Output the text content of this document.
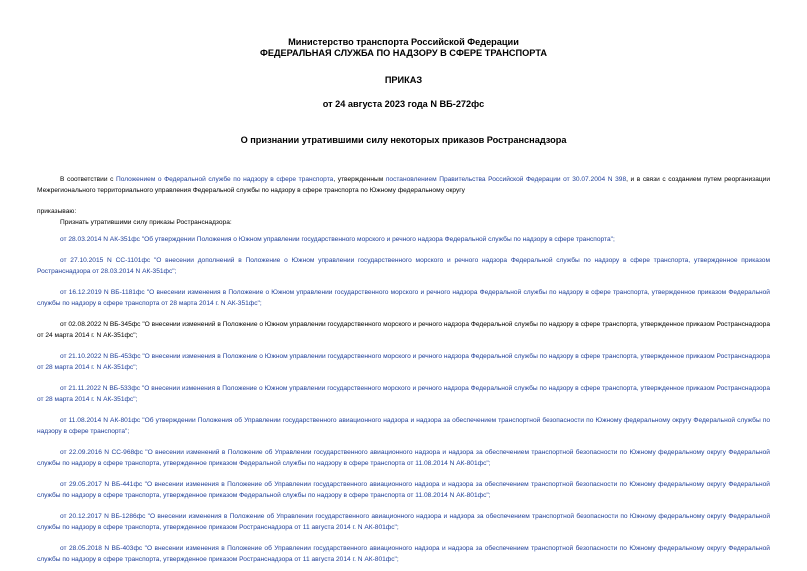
Министерство транспорта Российской Федерации
ФЕДЕРАЛЬНАЯ СЛУЖБА ПО НАДЗОРУ В СФЕРЕ ТРАНСПОРТА
ПРИКАЗ
от 24 августа 2023 года N ВБ-272фс
О признании утратившими силу некоторых приказов Ространснадзора
В соответствии с Положением о Федеральной службе по надзору в сфере транспорта, утвержденным постановлением Правительства Российской Федерации от 30.07.2004 N 398, и в связи с созданием путем реорганизации Межрегионального территориального управления Федеральной службы по надзору в сфере транспорта по Южному федеральному округу
приказываю:
Признать утратившими силу приказы Ространснадзора:
от 28.03.2014 N АК-351фс "Об утверждении Положения о Южном управлении государственного морского и речного надзора Федеральной службы по надзору в сфере транспорта";
от 27.10.2015 N СС-1101фс "О внесении дополнений в Положение о Южном управлении государственного морского и речного надзора Федеральной службы по надзору в сфере транспорта, утвержденное приказом Ространснадзора от 28.03.2014 N АК-351фс";
от 16.12.2019 N ВБ-1181фс "О внесении изменения в Положение о Южном управлении государственного морского и речного надзора Федеральной службы по надзору в сфере транспорта, утвержденное приказом Федеральной службы по надзору в сфере транспорта от 28 марта 2014 г. N АК-351фс";
от 02.08.2022 N ВБ-345фс "О внесении изменений в Положение о Южном управлении государственного морского и речного надзора Федеральной службы по надзору в сфере транспорта, утвержденное приказом Ространснадзора от 24 марта 2014 г. N АК-351фс";
от 21.10.2022 N ВБ-453фс "О внесении изменения в Положение о Южном управлении государственного морского и речного надзора Федеральной службы по надзору в сфере транспорта, утвержденное приказом Ространснадзора от 28 марта 2014 г. N АК-351фс";
от 21.11.2022 N ВБ-533фс "О внесении изменения в Положение о Южном управлении государственного морского и речного надзора Федеральной службы по надзору в сфере транспорта, утвержденное приказом Ространснадзора от 28 марта 2014 г. N АК-351фс";
от 11.08.2014 N АК-801фс "Об утверждении Положения об Управлении государственного авиационного надзора и надзора за обеспечением транспортной безопасности по Южному федеральному округу Федеральной службы по надзору в сфере транспорта";
от 22.09.2016 N СС-968фс "О внесении изменений в Положение об Управлении государственного авиационного надзора и надзора за обеспечением транспортной безопасности по Южному федеральному округу Федеральной службы по надзору в сфере транспорта, утвержденное приказом Федеральной службы по надзору в сфере транспорта от 11.08.2014 N АК-801фс";
от 29.05.2017 N ВБ-441фс "О внесении изменения в Положение об Управлении государственного авиационного надзора и надзора за обеспечением транспортной безопасности по Южному федеральному округу Федеральной службы по надзору в сфере транспорта, утвержденное приказом Федеральной службы по надзору в сфере транспорта от 11.08.2014 N АК-801фс";
от 20.12.2017 N ВБ-1286фс "О внесении изменения в Положение об Управлении государственного авиационного надзора и надзора за обеспечением транспортной безопасности по Южному федеральному округу Федеральной службы по надзору в сфере транспорта, утвержденное приказом Ространснадзора от 11 августа 2014 г. N АК-801фс";
от 28.05.2018 N ВБ-403фс "О внесении изменения в Положение об Управлении государственного авиационного надзора и надзора за обеспечением транспортной безопасности по Южному федеральному округу Федеральной службы по надзору в сфере транспорта, утвержденное приказом Ространснадзора от 11 августа 2014 г. N АК-801фс";
